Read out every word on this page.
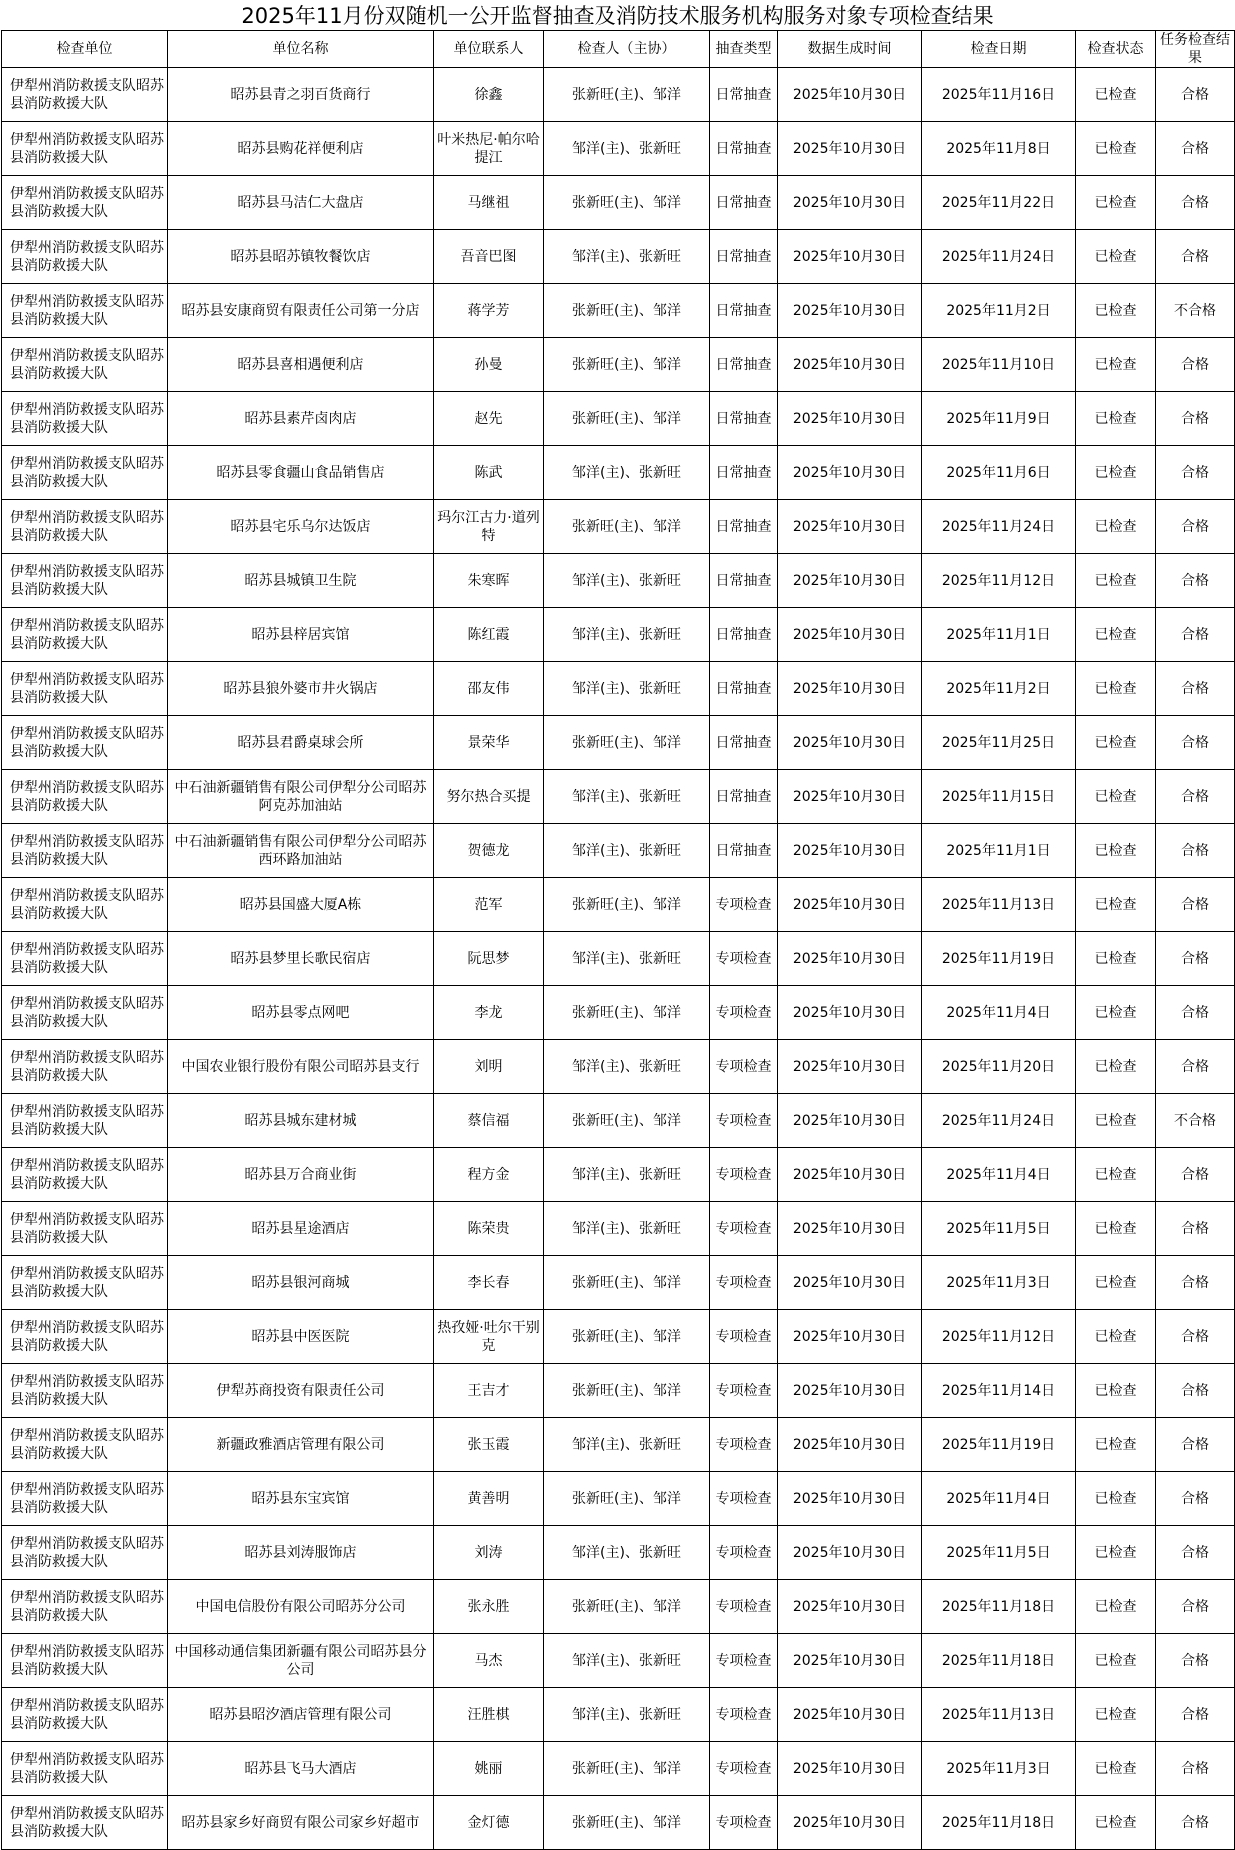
2025年11月份双随机一公开监督抽查及消防技术服务机构服务对象专项检查结果
检查单位	单位名称	单位联系人	检查人（主协）	抽查类型	数据生成时间	检查日期	检查状态	任务检查结果
伊犁州消防救援支队昭苏县消防救援大队	昭苏县青之羽百货商行	徐鑫	张新旺(主)、邹洋	日常抽查	2025年10月30日	2025年11月16日	已检查	合格
伊犁州消防救援支队昭苏县消防救援大队	昭苏县购花祥便利店	叶米热尼·帕尔哈提江	邹洋(主)、张新旺	日常抽查	2025年10月30日	2025年11月8日	已检查	合格
伊犁州消防救援支队昭苏县消防救援大队	昭苏县马洁仁大盘店	马继祖	张新旺(主)、邹洋	日常抽查	2025年10月30日	2025年11月22日	已检查	合格
伊犁州消防救援支队昭苏县消防救援大队	昭苏县昭苏镇牧餐饮店	吾音巴图	邹洋(主)、张新旺	日常抽查	2025年10月30日	2025年11月24日	已检查	合格
伊犁州消防救援支队昭苏县消防救援大队	昭苏县安康商贸有限责任公司第一分店	蒋学芳	张新旺(主)、邹洋	日常抽查	2025年10月30日	2025年11月2日	已检查	不合格
伊犁州消防救援支队昭苏县消防救援大队	昭苏县喜相遇便利店	孙曼	张新旺(主)、邹洋	日常抽查	2025年10月30日	2025年11月10日	已检查	合格
伊犁州消防救援支队昭苏县消防救援大队	昭苏县素芹卤肉店	赵先	张新旺(主)、邹洋	日常抽查	2025年10月30日	2025年11月9日	已检查	合格
伊犁州消防救援支队昭苏县消防救援大队	昭苏县零食疆山食品销售店	陈武	邹洋(主)、张新旺	日常抽查	2025年10月30日	2025年11月6日	已检查	合格
伊犁州消防救援支队昭苏县消防救援大队	昭苏县宅乐乌尔达饭店	玛尔江古力·道列特	张新旺(主)、邹洋	日常抽查	2025年10月30日	2025年11月24日	已检查	合格
伊犁州消防救援支队昭苏县消防救援大队	昭苏县城镇卫生院	朱寒晖	邹洋(主)、张新旺	日常抽查	2025年10月30日	2025年11月12日	已检查	合格
伊犁州消防救援支队昭苏县消防救援大队	昭苏县梓居宾馆	陈红霞	邹洋(主)、张新旺	日常抽查	2025年10月30日	2025年11月1日	已检查	合格
伊犁州消防救援支队昭苏县消防救援大队	昭苏县狼外婆市井火锅店	邵友伟	邹洋(主)、张新旺	日常抽查	2025年10月30日	2025年11月2日	已检查	合格
伊犁州消防救援支队昭苏县消防救援大队	昭苏县君爵桌球会所	景荣华	张新旺(主)、邹洋	日常抽查	2025年10月30日	2025年11月25日	已检查	合格
伊犁州消防救援支队昭苏县消防救援大队	中石油新疆销售有限公司伊犁分公司昭苏阿克苏加油站	努尔热合买提	邹洋(主)、张新旺	日常抽查	2025年10月30日	2025年11月15日	已检查	合格
伊犁州消防救援支队昭苏县消防救援大队	中石油新疆销售有限公司伊犁分公司昭苏西环路加油站	贺德龙	邹洋(主)、张新旺	日常抽查	2025年10月30日	2025年11月1日	已检查	合格
伊犁州消防救援支队昭苏县消防救援大队	昭苏县国盛大厦A栋	范军	张新旺(主)、邹洋	专项检查	2025年10月30日	2025年11月13日	已检查	合格
伊犁州消防救援支队昭苏县消防救援大队	昭苏县梦里长歌民宿店	阮思梦	邹洋(主)、张新旺	专项检查	2025年10月30日	2025年11月19日	已检查	合格
伊犁州消防救援支队昭苏县消防救援大队	昭苏县零点网吧	李龙	张新旺(主)、邹洋	专项检查	2025年10月30日	2025年11月4日	已检查	合格
伊犁州消防救援支队昭苏县消防救援大队	中国农业银行股份有限公司昭苏县支行	刘明	邹洋(主)、张新旺	专项检查	2025年10月30日	2025年11月20日	已检查	合格
伊犁州消防救援支队昭苏县消防救援大队	昭苏县城东建材城	蔡信福	张新旺(主)、邹洋	专项检查	2025年10月30日	2025年11月24日	已检查	不合格
伊犁州消防救援支队昭苏县消防救援大队	昭苏县万合商业街	程方金	邹洋(主)、张新旺	专项检查	2025年10月30日	2025年11月4日	已检查	合格
伊犁州消防救援支队昭苏县消防救援大队	昭苏县星途酒店	陈荣贵	邹洋(主)、张新旺	专项检查	2025年10月30日	2025年11月5日	已检查	合格
伊犁州消防救援支队昭苏县消防救援大队	昭苏县银河商城	李长春	张新旺(主)、邹洋	专项检查	2025年10月30日	2025年11月3日	已检查	合格
伊犁州消防救援支队昭苏县消防救援大队	昭苏县中医医院	热孜娅·吐尔干别克	张新旺(主)、邹洋	专项检查	2025年10月30日	2025年11月12日	已检查	合格
伊犁州消防救援支队昭苏县消防救援大队	伊犁苏商投资有限责任公司	王吉才	张新旺(主)、邹洋	专项检查	2025年10月30日	2025年11月14日	已检查	合格
伊犁州消防救援支队昭苏县消防救援大队	新疆政雅酒店管理有限公司	张玉霞	邹洋(主)、张新旺	专项检查	2025年10月30日	2025年11月19日	已检查	合格
伊犁州消防救援支队昭苏县消防救援大队	昭苏县东宝宾馆	黄善明	张新旺(主)、邹洋	专项检查	2025年10月30日	2025年11月4日	已检查	合格
伊犁州消防救援支队昭苏县消防救援大队	昭苏县刘涛服饰店	刘涛	邹洋(主)、张新旺	专项检查	2025年10月30日	2025年11月5日	已检查	合格
伊犁州消防救援支队昭苏县消防救援大队	中国电信股份有限公司昭苏分公司	张永胜	张新旺(主)、邹洋	专项检查	2025年10月30日	2025年11月18日	已检查	合格
伊犁州消防救援支队昭苏县消防救援大队	中国移动通信集团新疆有限公司昭苏县分公司	马杰	邹洋(主)、张新旺	专项检查	2025年10月30日	2025年11月18日	已检查	合格
伊犁州消防救援支队昭苏县消防救援大队	昭苏县昭汐酒店管理有限公司	汪胜棋	邹洋(主)、张新旺	专项检查	2025年10月30日	2025年11月13日	已检查	合格
伊犁州消防救援支队昭苏县消防救援大队	昭苏县飞马大酒店	姚丽	张新旺(主)、邹洋	专项检查	2025年10月30日	2025年11月3日	已检查	合格
伊犁州消防救援支队昭苏县消防救援大队	昭苏县家乡好商贸有限公司家乡好超市	金灯德	张新旺(主)、邹洋	专项检查	2025年10月30日	2025年11月18日	已检查	合格
